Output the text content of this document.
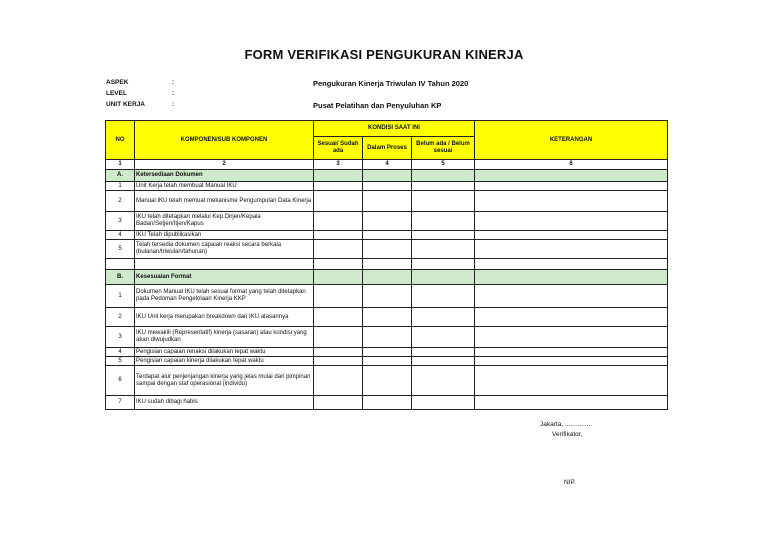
FORM VERIFIKASI PENGUKURAN KINERJA
ASPEK	:	Pengukuran Kinerja Triwulan IV Tahun 2020
LEVEL	:
UNIT KERJA	:	Pusat Pelatihan dan Penyuluhan KP
NO	KOMPONEN/SUB KOMPONEN	KONDISI SAAT INI			KETERANGAN
		Sesuai/ Sudah ada	Dalam Proses	Belum ada / Belum sesuai	
1	2	3	4	5	6
A.	Ketersediaan Dokumen				
1	Unit Kerja telah membuat Manual IKU				
2	Manual IKU telah memuat mekanisme Pengumpulan Data Kinerja				
3	IKU telah ditetapkan melalui Kep.Dirjen/Kepala Badan/Setjen/Itjen/Kapus				
4	IKU Telah dipublikasikan				
5	Telah tersedia dokumen capaian reaksi secara berkala (bulanan/triwulan/tahunan)				

B.	Kesesuaian Format				
1	Dokumen Manual IKU telah sesuai format yang telah ditetapkan pada Pedoman Pengelolaan Kinerja KKP				
2	IKU Unit kerja merupakan breakdown dari IKU atasannya				
3	IKU mewakili (Representatif) kinerja (sasaran) atau kondisi yang akan diwujudkan				
4	Pengisian capaian renaksi dilakukan tepat waktu				
5	Pengisian capaian kinerja dilakukan tepat waktu				
6	Terdapat alur penjenjangan kinerja yang jelas mulai dari pimpinan sampai dengan staf operasional (individu)				
7	IKU sudah dibagi habis				
Jakarta, ...............
Verifikator,
NIP.
